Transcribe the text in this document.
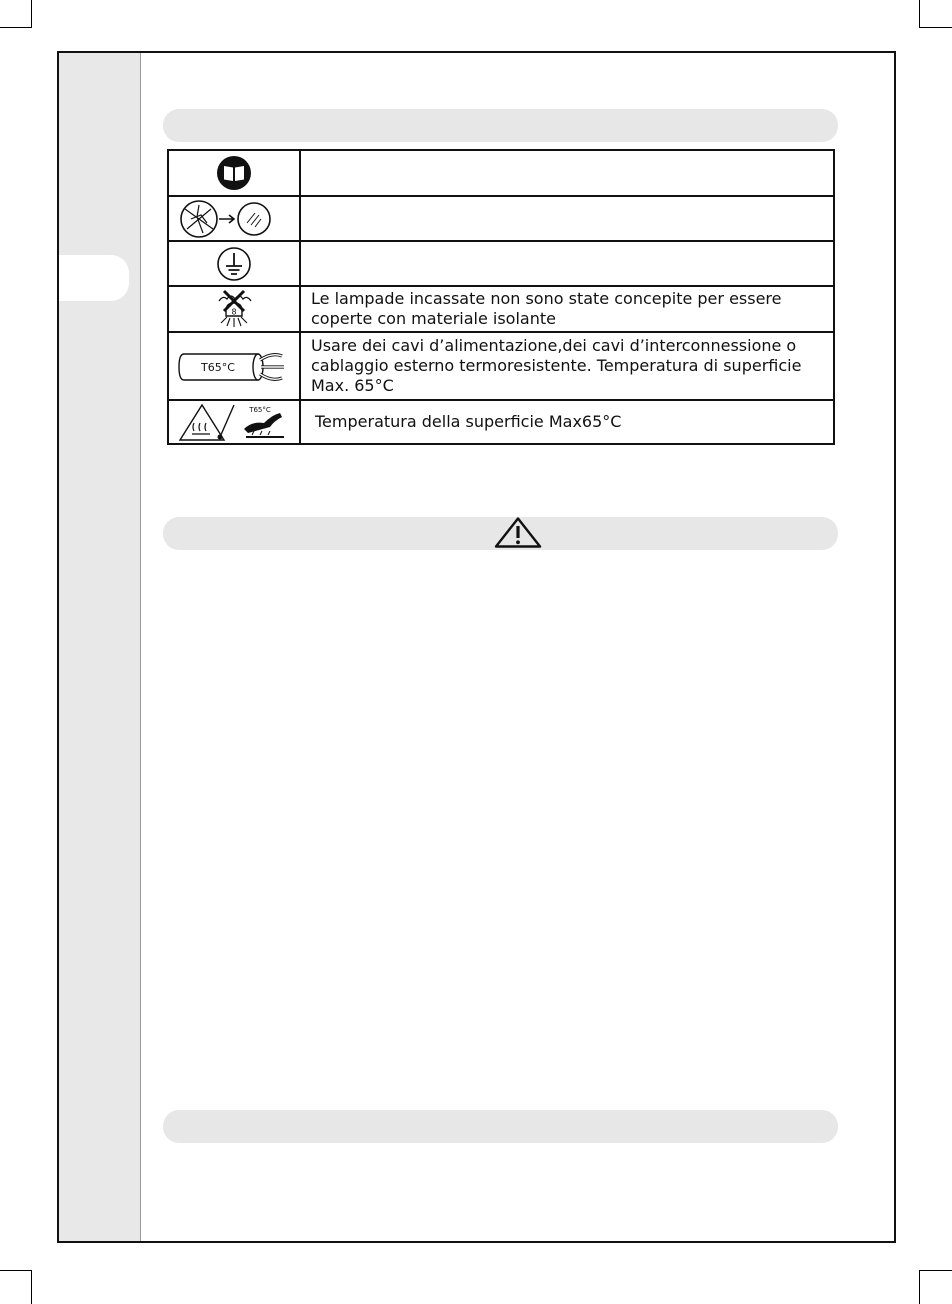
8	Le lampade incassate non sono state concepite per essere coperte con materiale isolante

T65°C	Usare dei cavi d’alimentazione,dei cavi d’interconnessione o cablaggio esterno termoresistente. Temperatura di superficie Max. 65°C

T65°C	Temperatura della superficie Max65°C
